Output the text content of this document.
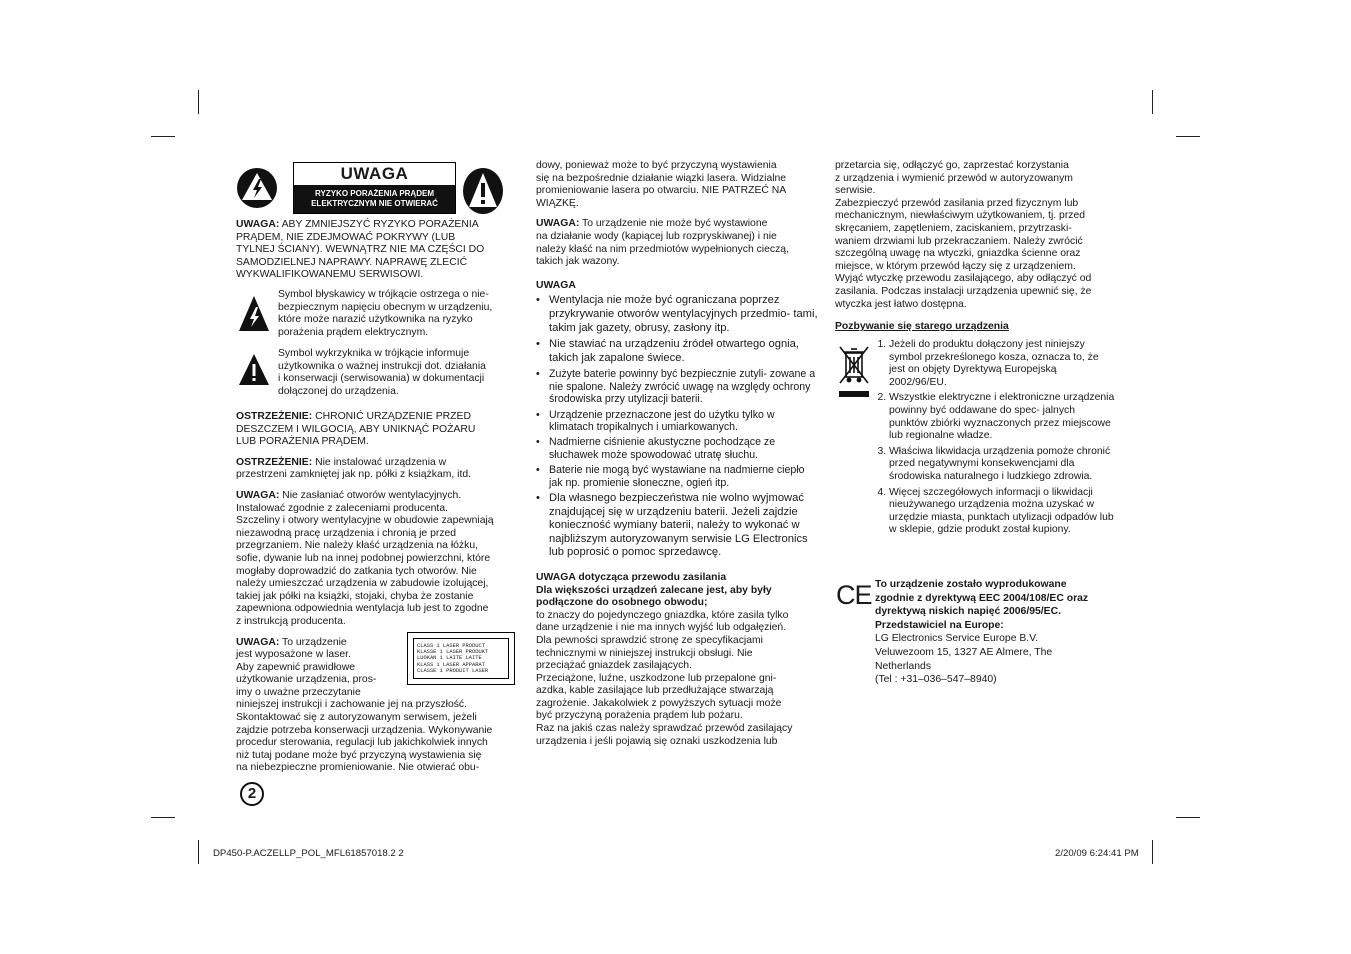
UWAGA
RYZYKO PORAŻENIA PRĄDEM
ELEKTRYCZNYM NIE OTWIERAĆ

UWAGA: ABY ZMNIEJSZYĆ RYZYKO PORAŻENIA
PRĄDEM, NIE ZDEJMOWAĆ POKRYWY (LUB
TYLNEJ ŚCIANY). WEWNĄTRZ NIE MA CZĘŚCI DO
SAMODZIELNEJ NAPRAWY. NAPRAWĘ ZLECIĆ
WYKWALIFIKOWANEMU SERWISOWI.

Symbol błyskawicy w trójkącie ostrzega o nie-
bezpiecznym napięciu obecnym w urządzeniu,
które może narazić użytkownika na ryzyko
porażenia prądem elektrycznym.
Symbol wykrzyknika w trójkącie informuje
użytkownika o ważnej instrukcji dot. działania
i konserwacji (serwisowania) w dokumentacji
dołączonej do urządzenia.

OSTRZEŻENIE: CHRONIĆ URZĄDZENIE PRZED
DESZCZEM I WILGOCIĄ, ABY UNIKNĄĆ POŻARU
LUB PORAŻENIA PRĄDEM.

OSTRZEŻENIE: Nie instalować urządzenia w
przestrzeni zamkniętej jak np. półki z książkam, itd.

UWAGA: Nie zasłaniać otworów wentylacyjnych.
Instalować zgodnie z zaleceniami producenta.
Szczeliny i otwory wentylacyjne w obudowie zapewniają
niezawodną pracę urządzenia i chronią je przed
przegrzaniem. Nie należy kłaść urządzenia na łóżku,
sofie, dywanie lub na innej podobnej powierzchni, które
mogłaby doprowadzić do zatkania tych otworów. Nie
należy umieszczać urządzenia w zabudowie izolującej,
takiej jak półki na książki, stojaki, chyba że zostanie
zapewniona odpowiednia wentylacja lub jest to zgodne
z instrukcją producenta.

UWAGA: To urządzenie
jest wyposażone w laser.
Aby zapewnić prawidłowe
użytkowanie urządzenia, pros-
imy o uważne przeczytanie
niniejszej instrukcji i zachowanie jej na przyszłość.
Skontaktować się z autoryzowanym serwisem, jeżeli
zajdzie potrzeba konserwacji urządzenia. Wykonywanie
procedur sterowania, regulacji lub jakichkolwiek innych
niż tutaj podane może być przyczyną wystawienia się
na niebezpieczne promieniowanie. Nie otwierać obu-

CLASS 1 LASER PRODUCT
KLASSE 1 LASER PRODUKT
LUOKAN 1 LAITE LAITE
KLASS 1 LASER APPARAT
CLASSE 1 PRODUIT LASER

dowy, ponieważ może to być przyczyną wystawienia
się na bezpośrednie działanie wiązki lasera. Widzialne
promieniowanie lasera po otwarciu. NIE PATRZEĆ NA
WIĄZKĘ.

UWAGA: To urządzenie nie może być wystawione
na działanie wody (kapiącej lub rozpryskiwanej) i nie
należy kłaść na nim przedmiotów wypełnionych cieczą,
takich jak wazony.

UWAGA
• Wentylacja nie może być ograniczana poprzez przykrywanie otworów wentylacyjnych przedmio- tami, takim jak gazety, obrusy, zasłony itp.
• Nie stawiać na urządzeniu źródeł otwartego ognia, takich jak zapalone świece.
• Zużyte baterie powinny być bezpiecznie zutyli- zowane a nie spalone. Należy zwrócić uwagę na względy ochrony środowiska przy utylizacji baterii.
• Urządzenie przeznaczone jest do użytku tylko w klimatach tropikalnych i umiarkowanych.
• Nadmierne ciśnienie akustyczne pochodzące ze słuchawek może spowodować utratę słuchu.
• Baterie nie mogą być wystawiane na nadmierne ciepło jak np. promienie słoneczne, ogień itp.
• Dla własnego bezpieczeństwa nie wolno wyjmować znajdującej się w urządzeniu baterii. Jeżeli zajdzie konieczność wymiany baterii, należy to wykonać w najbliższym autoryzowanym serwisie LG Electronics lub poprosić o pomoc sprzedawcę.

UWAGA dotycząca przewodu zasilania
Dla większości urządzeń zalecane jest, aby były
podłączone do osobnego obwodu;

to znaczy do pojedynczego gniazdka, które zasila tylko
dane urządzenie i nie ma innych wyjść lub odgałęzień.
Dla pewności sprawdzić stronę ze specyfikacjami
technicznymi w niniejszej instrukcji obsługi. Nie
przeciążać gniazdek zasilających.
Przeciążone, luźne, uszkodzone lub przepalone gni-
azdka, kable zasilające lub przedłużające stwarzają
zagrożenie. Jakakolwiek z powyższych sytuacji może
być przyczyną porażenia prądem lub pożaru.
Raz na jakiś czas należy sprawdzać przewód zasilający
urządzenia i jeśli pojawią się oznaki uszkodzenia lub

przetarcia się, odłączyć go, zaprzestać korzystania
z urządzenia i wymienić przewód w autoryzowanym
serwisie.
Zabezpieczyć przewód zasilania przed fizycznym lub
mechanicznym, niewłaściwym użytkowaniem, tj. przed
skręcaniem, zapętleniem, zaciskaniem, przytrzaski-
waniem drzwiami lub przekraczaniem. Należy zwrócić
szczególną uwagę na wtyczki, gniazdka ścienne oraz
miejsce, w którym przewód łączy się z urządzeniem.
Wyjąć wtyczkę przewodu zasilającego, aby odłączyć od
zasilania. Podczas instalacji urządzenia upewnić się, że
wtyczka jest łatwo dostępna.

Pozbywanie się starego urządzenia
1. Jeżeli do produktu dołączony jest niniejszy symbol przekreślonego kosza, oznacza to, że jest on objęty Dyrektywą Europejską 2002/96/EU.
2. Wszystkie elektryczne i elektroniczne urządzenia powinny być oddawane do spec- jalnych punktów zbiórki wyznaczonych przez miejscowe lub regionalne władze.
3. Właściwa likwidacja urządzenia pomoże chronić przed negatywnymi konsekwencjami dla środowiska naturalnego i ludzkiego zdrowia.
4. Więcej szczegółowych informacji o likwidacji nieużywanego urządzenia można uzyskać w urzędzie miasta, punktach utylizacji odpadów lub w sklepie, gdzie produkt został kupiony.
CE To urządzenie zostało wyprodukowane
zgodnie z dyrektywą EEC 2004/108/EC oraz
dyrektywą niskich napięć 2006/95/EC.
Przedstawiciel na Europe:
LG Electronics Service Europe B.V.
Veluwezoom 15, 1327 AE Almere, The
Netherlands
(Tel : +31–036–547–8940)
2
DP450-P.ACZELLP_POL_MFL61857018.2 2	2/20/09 6:24:41 PM
